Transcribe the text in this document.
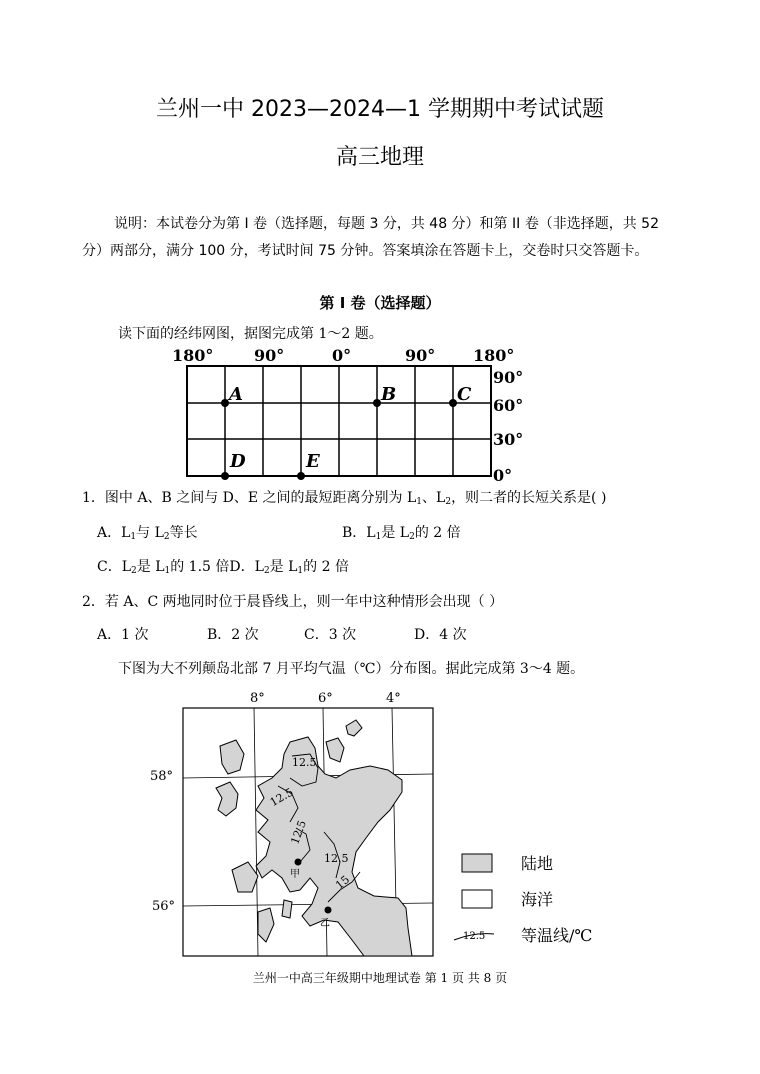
兰州一中 2023—2024—1 学期期中考试试题
高三地理
说明：本试卷分为第 I 卷（选择题，每题 3 分，共 48 分）和第 II 卷（非选择题，共 52 分）两部分，满分 100 分，考试时间 75 分钟。答案填涂在答题卡上，交卷时只交答题卡。
第 I 卷（选择题）
读下面的经纬网图，据图完成第 1～2 题。
180°	90°	0°	90° 180°
90°
60°
30°
0°
A	B	C
D	E
1．图中 A、B 之间与 D、E 之间的最短距离分别为 $L_1$、$L_2$，则二者的长短关系是( )
A．$L_1$与 $L_2$等长	B．$L_1$是 $L_2$的 2 倍
C．$L_2$是 $L_1$的 1.5 倍D．$L_2$是 $L_1$的 2 倍
2．若 A、C 两地同时位于晨昏线上，则一年中这种情形会出现（ ）
A．1 次	B．2 次	C．3 次	D．4 次
下图为大不列颠岛北部 7 月平均气温（℃）分布图。据此完成第 3～4 题。
8°	6°	4°
58°
56°
12.5
12.5
12.5
12.5
15
甲
乙
陆地
海洋
12.5 等温线/℃
兰州一中高三年级期中地理试卷 第 1 页 共 8 页
